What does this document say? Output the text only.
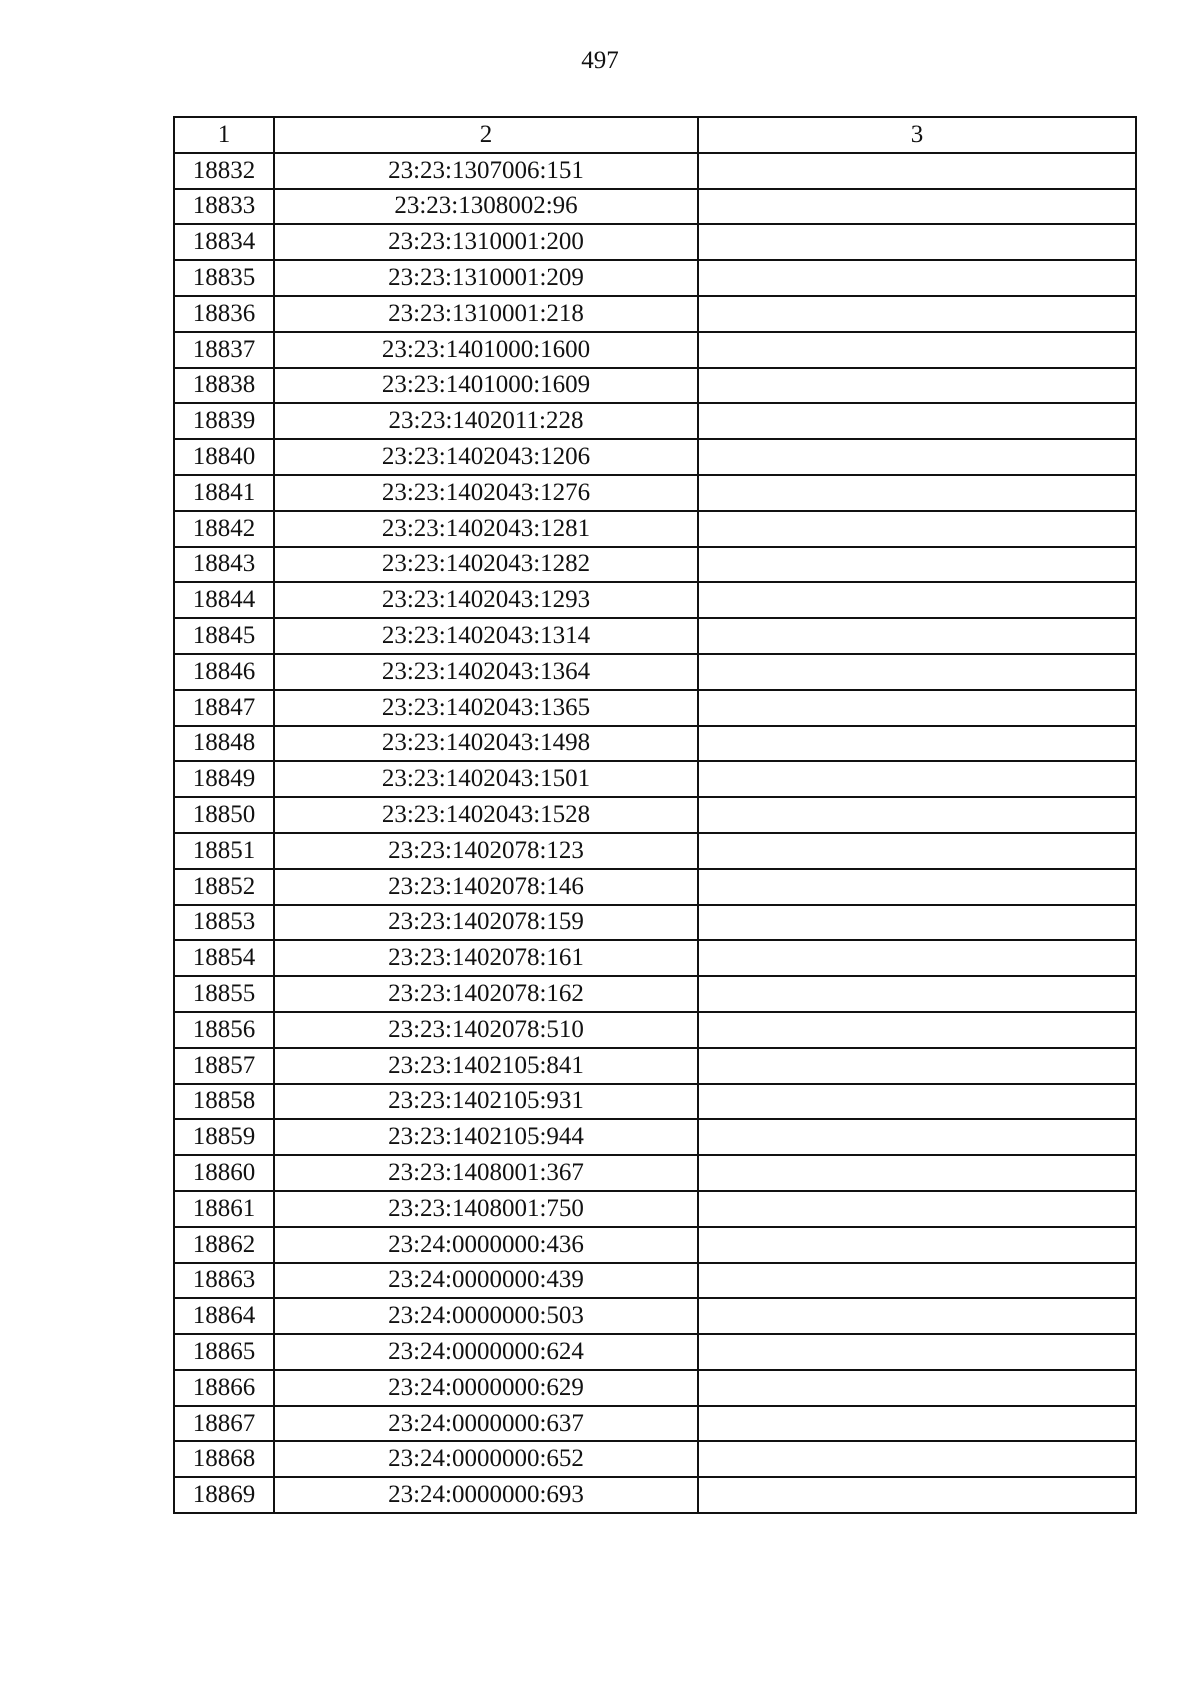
497
1	2	3
18832	23:23:1307006:151	
18833	23:23:1308002:96	
18834	23:23:1310001:200	
18835	23:23:1310001:209	
18836	23:23:1310001:218	
18837	23:23:1401000:1600	
18838	23:23:1401000:1609	
18839	23:23:1402011:228	
18840	23:23:1402043:1206	
18841	23:23:1402043:1276	
18842	23:23:1402043:1281	
18843	23:23:1402043:1282	
18844	23:23:1402043:1293	
18845	23:23:1402043:1314	
18846	23:23:1402043:1364	
18847	23:23:1402043:1365	
18848	23:23:1402043:1498	
18849	23:23:1402043:1501	
18850	23:23:1402043:1528	
18851	23:23:1402078:123	
18852	23:23:1402078:146	
18853	23:23:1402078:159	
18854	23:23:1402078:161	
18855	23:23:1402078:162	
18856	23:23:1402078:510	
18857	23:23:1402105:841	
18858	23:23:1402105:931	
18859	23:23:1402105:944	
18860	23:23:1408001:367	
18861	23:23:1408001:750	
18862	23:24:0000000:436	
18863	23:24:0000000:439	
18864	23:24:0000000:503	
18865	23:24:0000000:624	
18866	23:24:0000000:629	
18867	23:24:0000000:637	
18868	23:24:0000000:652	
18869	23:24:0000000:693	
